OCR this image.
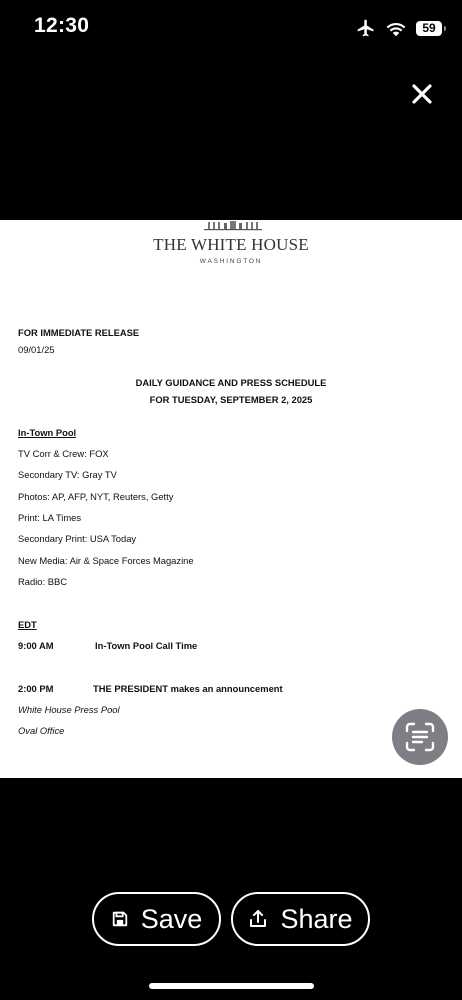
12:30	59
THE WHITE HOUSE
WASHINGTON
FOR IMMEDIATE RELEASE
09/01/25
DAILY GUIDANCE AND PRESS SCHEDULE
FOR TUESDAY, SEPTEMBER 2, 2025
In-Town Pool
TV Corr & Crew: FOX
Secondary TV: Gray TV
Photos: AP, AFP, NYT, Reuters, Getty
Print: LA Times
Secondary Print: USA Today
New Media: Air & Space Forces Magazine
Radio: BBC
EDT
9:00 AM	In-Town Pool Call Time
2:00 PM	THE PRESIDENT makes an announcement
White House Press Pool
Oval Office
Save	Share
